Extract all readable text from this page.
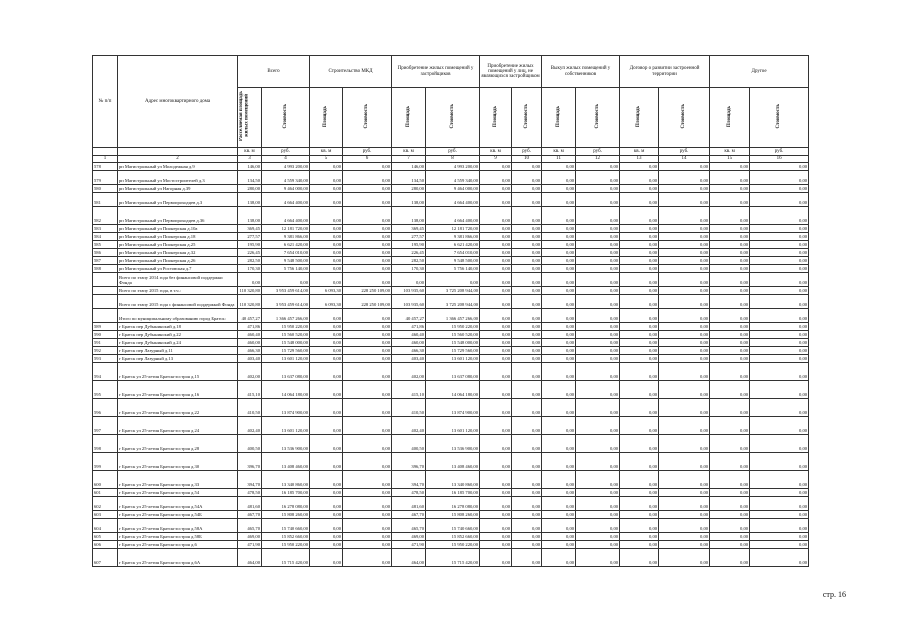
№ п/п	Адрес многоквартирного дома	Всего		Строительство МКД		Приобретение жилых помещений у застройщиков		Приобретение жилых помещений у лиц, не являющихся застройщиком		Выкуп жилых помещений у собственников		Договор о развитии застроенной территории		Другое	
		Расселяемая площадь жилых помещений	Стоимость	Площадь	Стоимость	Площадь	Стоимость	Площадь	Стоимость	Площадь	Стоимость	Площадь	Стоимость	Площадь	Стоимость
		кв. м	руб.	кв. м	руб.	кв. м	руб.	кв. м	руб.	кв. м	руб.	кв. м	руб.	кв. м	руб.
1	2	3	4	5	6	7	8	9	10	11	12	13	14	15	16
578	рп Магистральный ул Молодежная д.9	146,00	4 993 200,00	0,00	0,00	146,00	4 993 200,00	0,00	0,00	0,00	0,00	0,00	0,00	0,00	0,00
579	рп Магистральный ул Мостостроителей д.3	134,50	4 559 340,00	0,00	0,00	134,50	4 559 340,00	0,00	0,00	0,00	0,00	0,00	0,00	0,00	0,00
580	рп Магистральный ул Нагорная д.39	280,00	9 464 000,00	0,00	0,00	280,00	9 464 000,00	0,00	0,00	0,00	0,00	0,00	0,00	0,00	0,00
581	рп Магистральный ул Первопроходцев д.3	138,00	4 664 400,00	0,00	0,00	138,00	4 664 400,00	0,00	0,00	0,00	0,00	0,00	0,00	0,00	0,00
582	рп Магистральный ул Первопроходцев д.36	138,00	4 664 400,00	0,00	0,00	138,00	4 664 400,00	0,00	0,00	0,00	0,00	0,00	0,00	0,00	0,00
583	рп Магистральный ул Пионерская д.10а	369,45	12 181 720,00	0,00	0,00	369,45	12 181 720,00	0,00	0,00	0,00	0,00	0,00	0,00	0,00	0,00
584	рп Магистральный ул Пионерская д.18	277,57	9 381 866,00	0,00	0,00	277,57	9 381 866,00	0,00	0,00	0,00	0,00	0,00	0,00	0,00	0,00
585	рп Магистральный ул Пионерская д.25	195,90	6 621 420,00	0,00	0,00	195,90	6 621 420,00	0,00	0,00	0,00	0,00	0,00	0,00	0,00	0,00
586	рп Магистральный ул Пионерская д.32	226,45	7 654 010,00	0,00	0,00	226,45	7 654 010,00	0,00	0,00	0,00	0,00	0,00	0,00	0,00	0,00
587	рп Магистральный ул Пионерская д.26	282,50	9 548 500,00	0,00	0,00	282,50	9 548 500,00	0,00	0,00	0,00	0,00	0,00	0,00	0,00	0,00
588	рп Магистральный ул Ростовская д.7	170,30	5 756 140,00	0,00	0,00	170,30	5 756 140,00	0,00	0,00	0,00	0,00	0,00	0,00	0,00	0,00
	Всего по этапу 2014 года без финансовой поддержки Фонда	0,00	0,00	0,00	0,00	0,00	0,00	0,00	0,00	0,00	0,00	0,00	0,00	0,00	0,00
	Всего по этапу 2015 года, в т.ч.:	110 320,80	3 953 459 614,00	6 093,30	228 250 109,00	103 935,60	3 725 208 944,00	0,00	0,00	0,00	0,00	0,00	0,00	0,00	0,00
	Всего по этапу 2015 года с финансовой поддержкой Фонда	110 320,80	3 953 459 614,00	6 093,30	228 250 109,00	103 935,60	3 725 208 944,00	0,00	0,00	0,00	0,00	0,00	0,00	0,00	0,00
	Итого по муниципальному образованию город Братск:	40 457,27	1 366 457 266,00	0,00	0,00	40 457,27	1 366 457 266,00	0,00	0,00	0,00	0,00	0,00	0,00	0,00	0,00
589	г Братск пер Дубынинский д.18	471,86	15 950 220,00	0,00	0,00	471,86	15 950 220,00	0,00	0,00	0,00	0,00	0,00	0,00	0,00	0,00
590	г Братск пер Дубынинский д.22	460,40	15 560 520,00	0,00	0,00	460,40	15 560 520,00	0,00	0,00	0,00	0,00	0,00	0,00	0,00	0,00
591	г Братск пер Дубынинский д.24	460,00	15 548 000,00	0,00	0,00	460,00	15 548 000,00	0,00	0,00	0,00	0,00	0,00	0,00	0,00	0,00
592	г Братск пер Лазурный д.11	466,30	15 729 560,00	0,00	0,00	466,30	15 729 560,00	0,00	0,00	0,00	0,00	0,00	0,00	0,00	0,00
593	г Братск пер Лазурный д.13	403,40	13 601 120,00	0,00	0,00	403,40	13 601 120,00	0,00	0,00	0,00	0,00	0,00	0,00	0,00	0,00
594	г Братск ул 25-летия Братскгэсстроя д.15	402,00	13 637 080,00	0,00	0,00	402,00	13 637 080,00	0,00	0,00	0,00	0,00	0,00	0,00	0,00	0,00
595	г Братск ул 25-летия Братскгэсстроя д.16	415,10	14 064 180,00	0,00	0,00	415,10	14 064 180,00	0,00	0,00	0,00	0,00	0,00	0,00	0,00	0,00
596	г Братск ул 25-летия Братскгэсстроя д.22	410,50	13 874 900,00	0,00	0,00	410,50	13 874 900,00	0,00	0,00	0,00	0,00	0,00	0,00	0,00	0,00
597	г Братск ул 25-летия Братскгэсстроя д.24	402,40	13 601 120,00	0,00	0,00	402,40	13 601 120,00	0,00	0,00	0,00	0,00	0,00	0,00	0,00	0,00
598	г Братск ул 25-летия Братскгэсстроя д.28	400,50	13 536 900,00	0,00	0,00	400,50	13 536 900,00	0,00	0,00	0,00	0,00	0,00	0,00	0,00	0,00
599	г Братск ул 25-летия Братскгэсстроя д.30	396,70	13 408 460,00	0,00	0,00	396,70	13 408 460,00	0,00	0,00	0,00	0,00	0,00	0,00	0,00	0,00
600	г Братск ул 25-летия Братскгэсстроя д.33	394,70	13 340 860,00	0,00	0,00	394,70	13 340 860,00	0,00	0,00	0,00	0,00	0,00	0,00	0,00	0,00
601	г Братск ул 25-летия Братскгэсстроя д.54	478,50	16 185 700,00	0,00	0,00	478,50	16 185 700,00	0,00	0,00	0,00	0,00	0,00	0,00	0,00	0,00
602	г Братск ул 25-летия Братскгэсстроя д.54А	481,60	16 278 080,00	0,00	0,00	481,60	16 278 080,00	0,00	0,00	0,00	0,00	0,00	0,00	0,00	0,00
603	г Братск ул 25-летия Братскгэсстроя д.54Б	467,70	15 808 260,00	0,00	0,00	467,70	15 808 260,00	0,00	0,00	0,00	0,00	0,00	0,00	0,00	0,00
604	г Братск ул 25-летия Братскгэсстроя д.58А	465,70	15 740 660,00	0,00	0,00	465,70	15 740 660,00	0,00	0,00	0,00	0,00	0,00	0,00	0,00	0,00
605	г Братск ул 25-летия Братскгэсстроя д.58Б	469,00	15 852 660,00	0,00	0,00	469,00	15 852 660,00	0,00	0,00	0,00	0,00	0,00	0,00	0,00	0,00
606	г Братск ул 25-летия Братскгэсстроя д.6	471,90	15 950 220,00	0,00	0,00	471,90	15 950 220,00	0,00	0,00	0,00	0,00	0,00	0,00	0,00	0,00
607	г Братск ул 25-летия Братскгэсстроя д.6А	464,00	15 715 420,00	0,00	0,00	464,00	15 715 420,00	0,00	0,00	0,00	0,00	0,00	0,00	0,00	0,00
стр. 16
